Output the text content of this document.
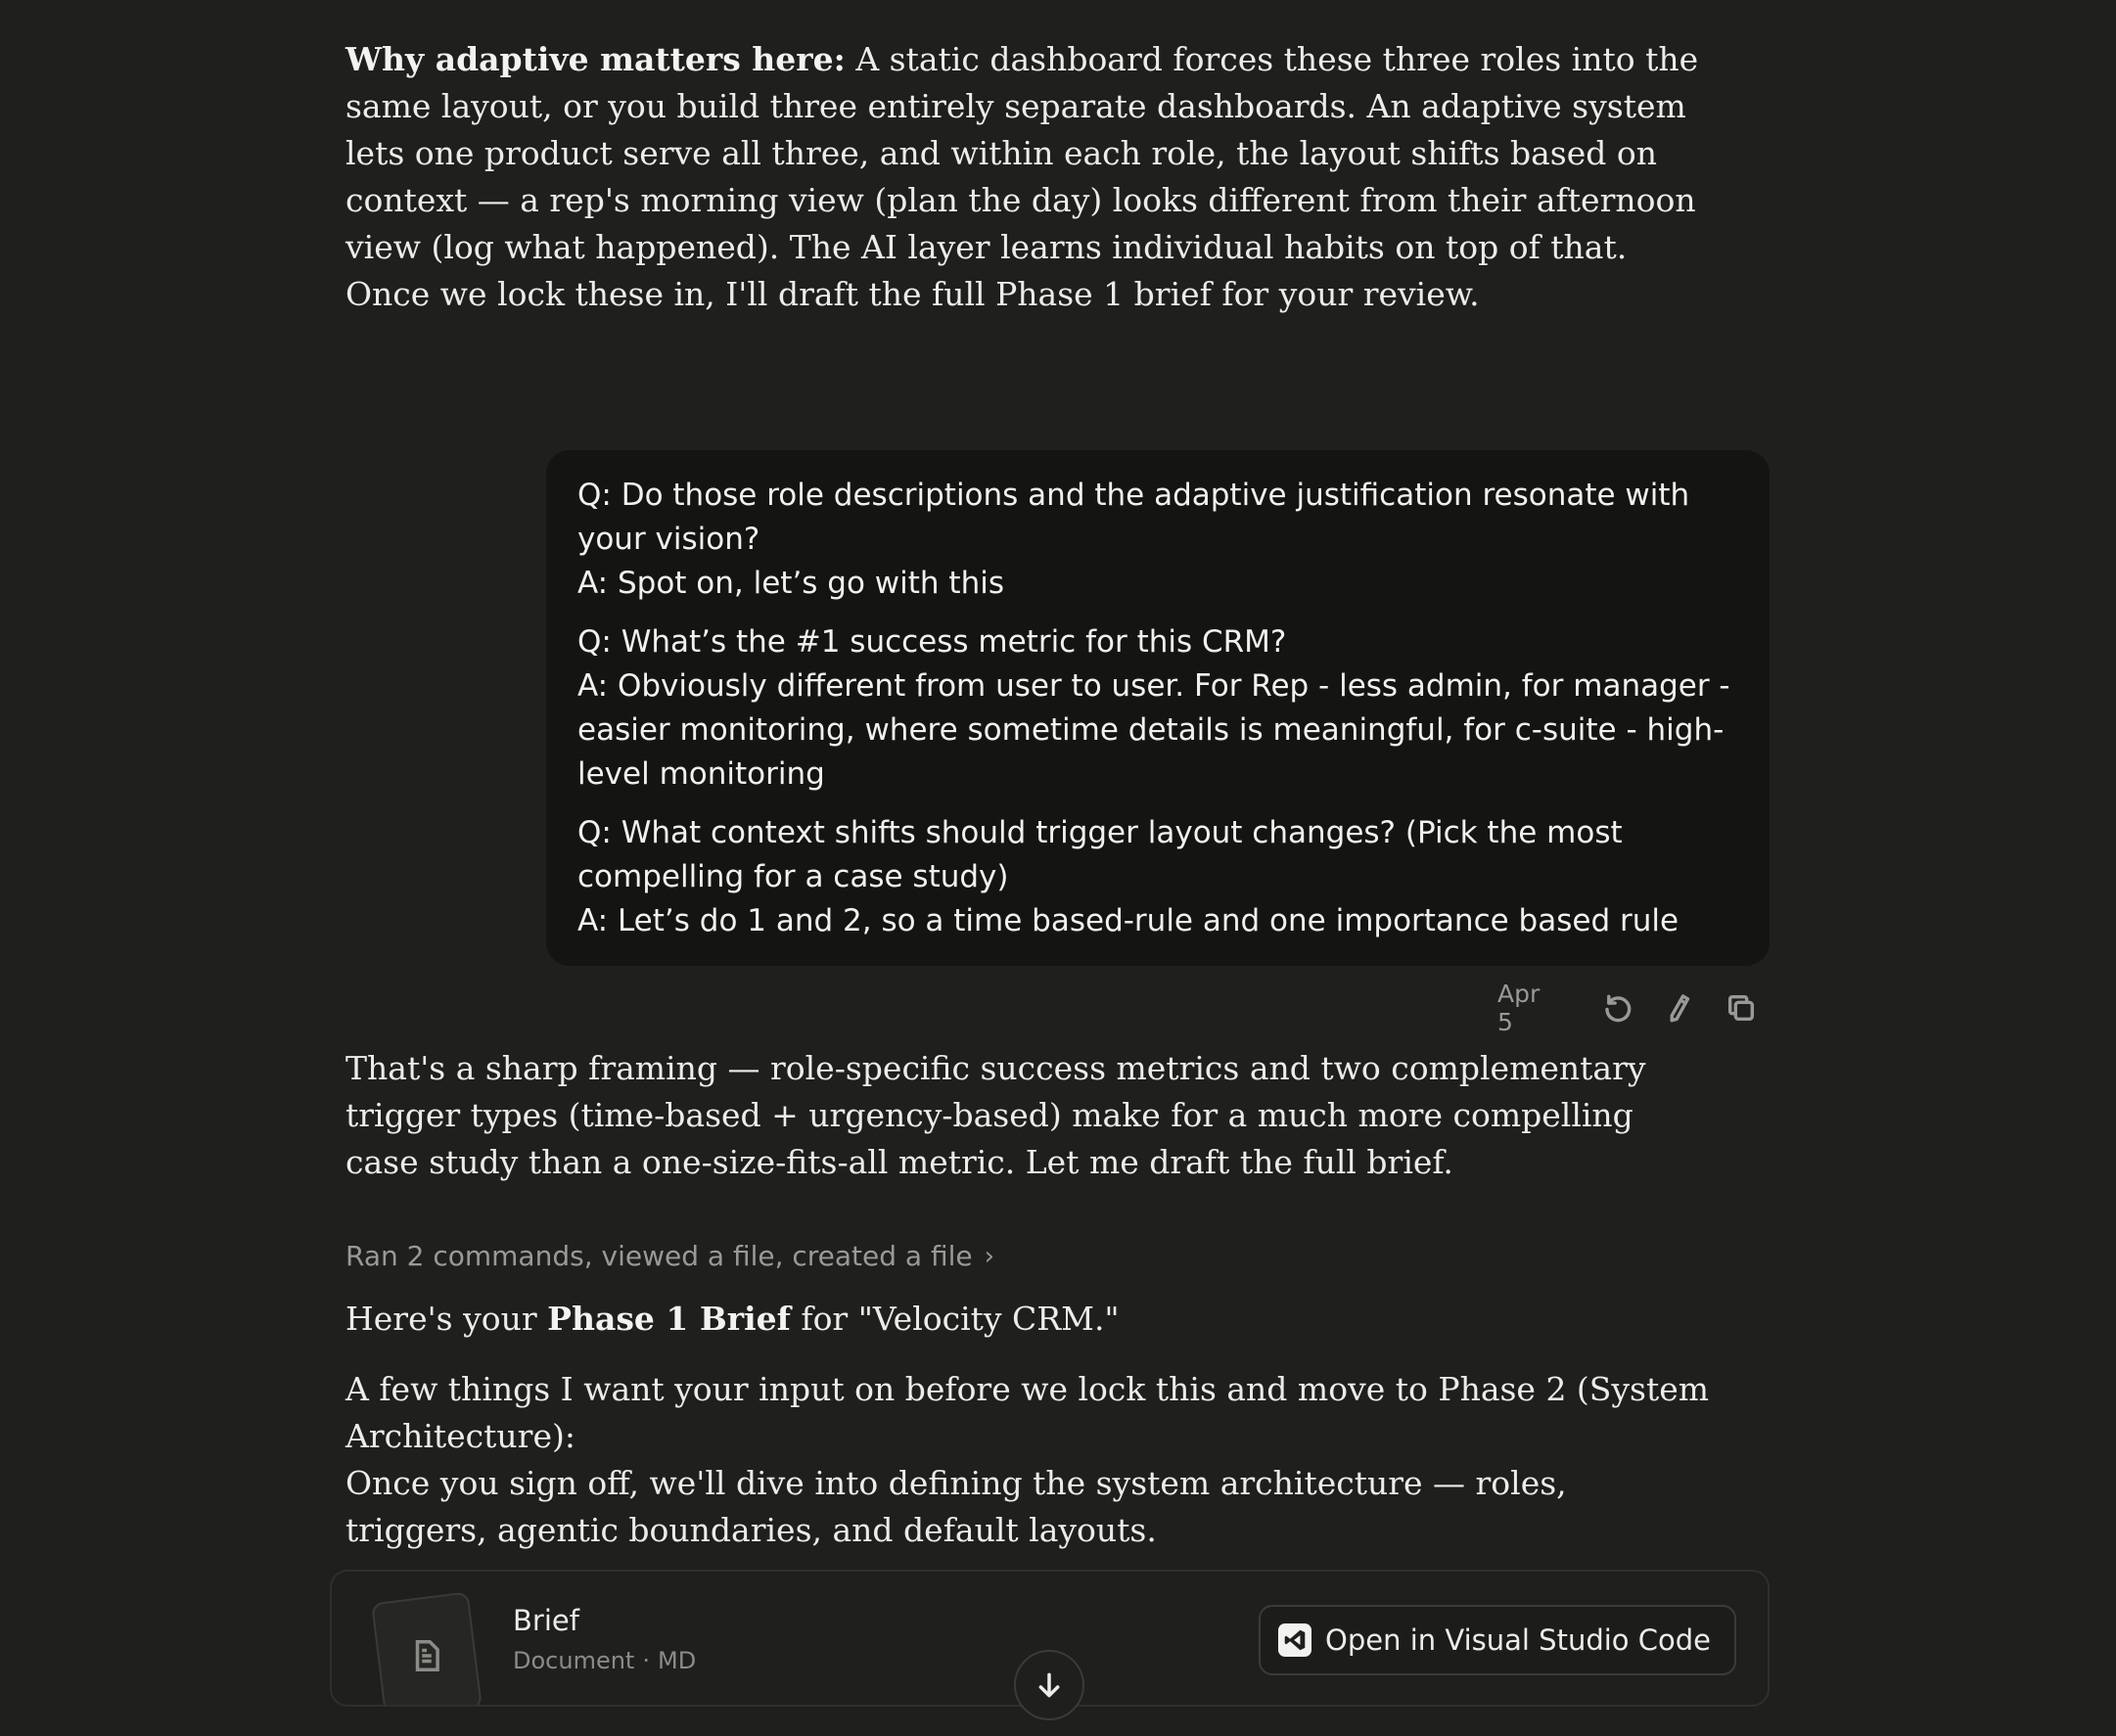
Why adaptive matters here: A static dashboard forces these three roles into the same layout, or you build three entirely separate dashboards. An adaptive system lets one product serve all three, and within each role, the layout shifts based on context — a rep's morning view (plan the day) looks different from their afternoon view (log what happened). The AI layer learns individual habits on top of that.

Once we lock these in, I'll draft the full Phase 1 brief for your review.

Q: Do those role descriptions and the adaptive justification resonate with your vision?

A: Spot on, let’s go with this

Q: What’s the #1 success metric for this CRM?

A: Obviously different from user to user. For Rep - less admin, for manager - easier monitoring, where sometime details is meaningful, for c-suite - high-level monitoring

Q: What context shifts should trigger layout changes? (Pick the most compelling for a case study)

A: Let’s do 1 and 2, so a time based-rule and one importance based rule

Apr 5

That's a sharp framing — role-specific success metrics and two complementary trigger types (time-based + urgency-based) make for a much more compelling case study than a one-size-fits-all metric. Let me draft the full brief.

Ran 2 commands, viewed a file, created a file ›

Here's your Phase 1 Brief for "Velocity CRM."

A few things I want your input on before we lock this and move to Phase 2 (System Architecture):
Once you sign off, we'll dive into defining the system architecture — roles, triggers, agentic boundaries, and default layouts.

Brief
Document · MD
Open in Visual Studio Code
